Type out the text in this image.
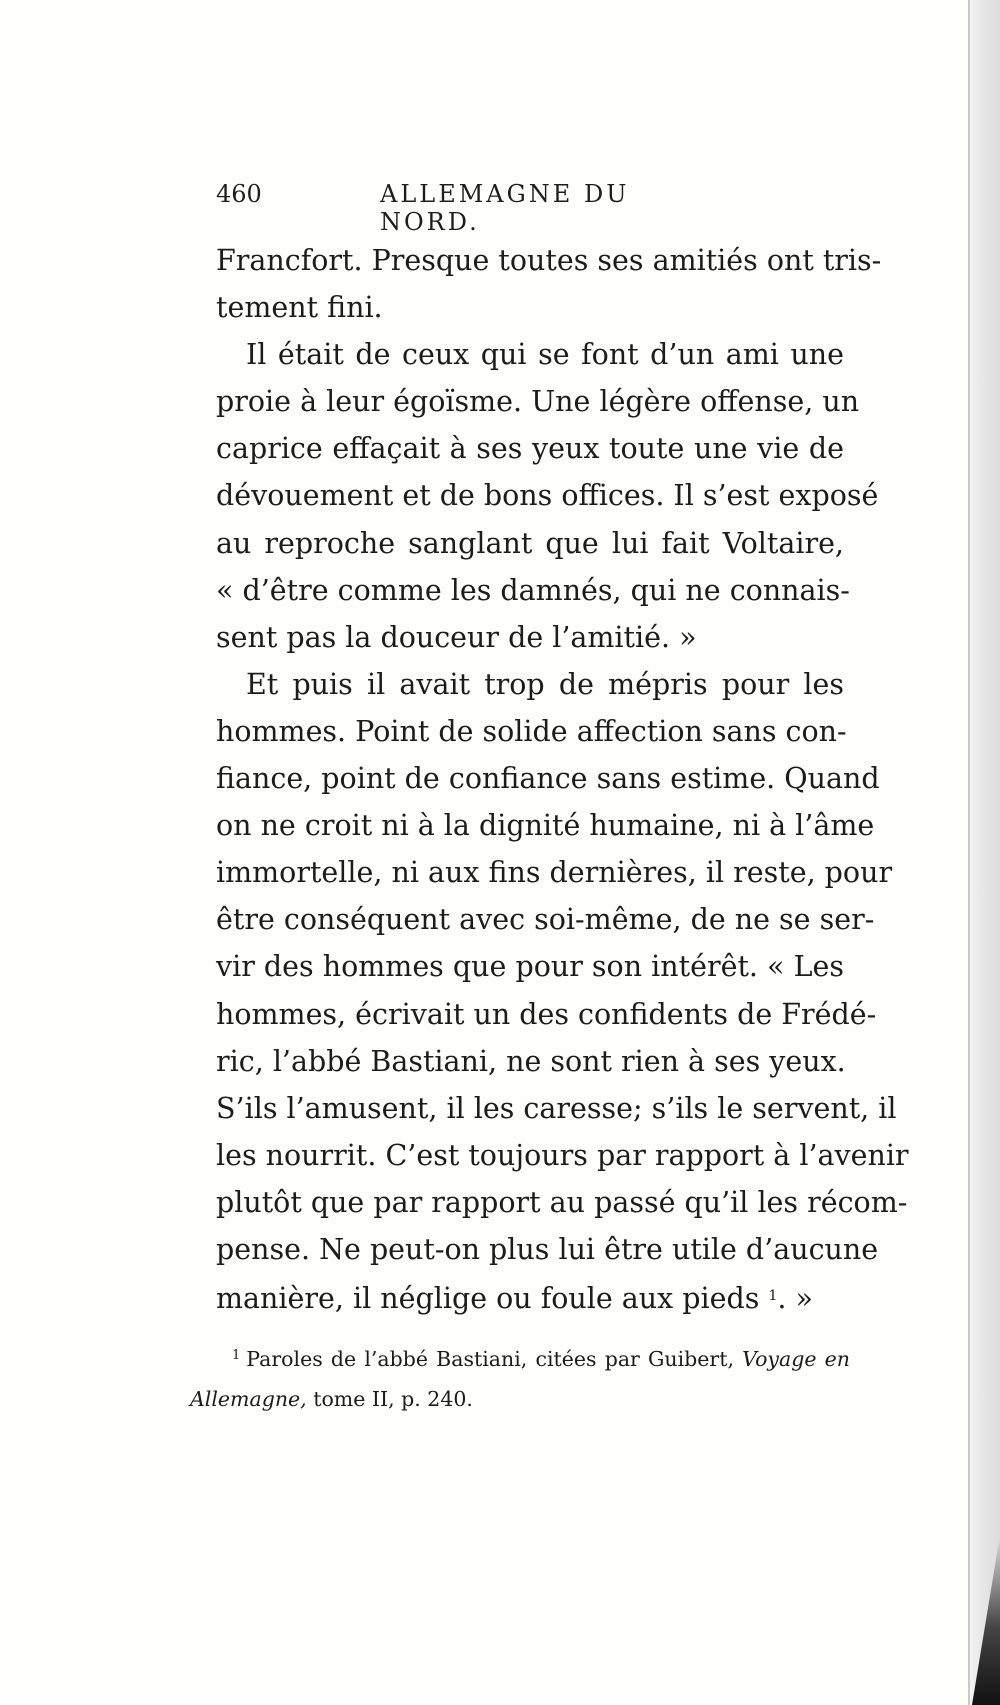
460	ALLEMAGNE DU NORD.
Francfort. Presque toutes ses amitiés ont tris-
tement fini.
Il était de ceux qui se font d’un ami une
proie à leur égoïsme. Une légère offense, un
caprice effaçait à ses yeux toute une vie de
dévouement et de bons offices. Il s’est exposé
au reproche sanglant que lui fait Voltaire,
« d’être comme les damnés, qui ne connais-
sent pas la douceur de l’amitié. »
Et puis il avait trop de mépris pour les
hommes. Point de solide affection sans con-
fiance, point de confiance sans estime. Quand
on ne croit ni à la dignité humaine, ni à l’âme
immortelle, ni aux fins dernières, il reste, pour
être conséquent avec soi-même, de ne se ser-
vir des hommes que pour son intérêt. « Les
hommes, écrivait un des confidents de Frédé-
ric, l’abbé Bastiani, ne sont rien à ses yeux.
S’ils l’amusent, il les caresse; s’ils le servent, il
les nourrit. C’est toujours par rapport à l’avenir
plutôt que par rapport au passé qu’il les récom-
pense. Ne peut-on plus lui être utile d’aucune
manière, il néglige ou foule aux pieds $^1$. »
$^1$ Paroles de l’abbé Bastiani, citées par Guibert, Voyage en
Allemagne, tome II, p. 240.
